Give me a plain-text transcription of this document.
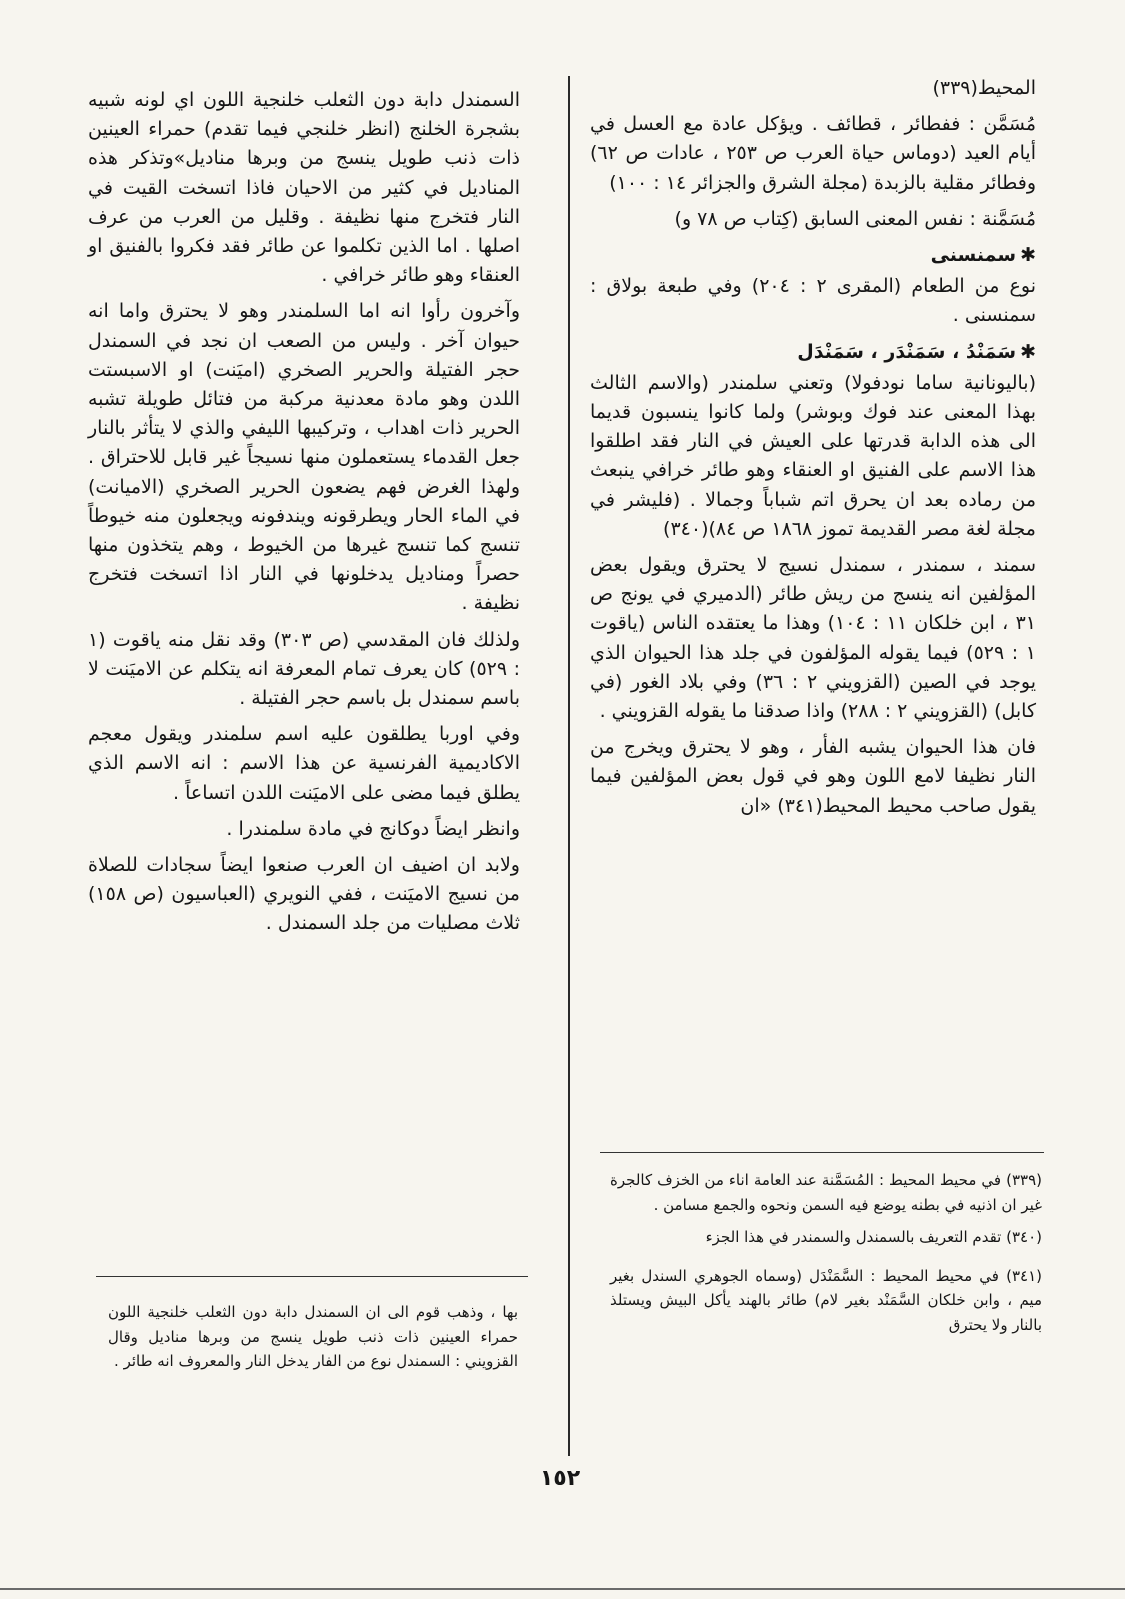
المحيط(٣٣٩)

مُسَمَّن : ففطائر ، قطائف . ويؤكل عادة مع العسل في أيام العيد (دوماس حياة العرب ص ٢٥٣ ، عادات ص ٦٢) وفطائر مقلية بالزبدة (مجلة الشرق والجزائر ١٤ : ١٠٠)

مُسَمَّنة : نفس المعنى السابق (كِتاب ص ٧٨ و)

✱سمنسنى

نوع من الطعام (المقرى ٢ : ٢٠٤) وفي طبعة بولاق : سمنسنى .

✱سَمَنْدُ ، سَمَنْدَر ، سَمَنْدَل

(باليونانية ساما نودفولا) وتعني سلمندر (والاسم الثالث بهذا المعنى عند فوك وبوشر) ولما كانوا ينسبون قديما الى هذه الدابة قدرتها على العيش في النار فقد اطلقوا هذا الاسم على الفنيق او العنقاء وهو طائر خرافي ينبعث من رماده بعد ان يحرق اتم شباباً وجمالا . (فليشر في مجلة لغة مصر القديمة تموز ١٨٦٨ ص ٨٤)(٣٤٠)

سمند ، سمندر ، سمندل نسيج لا يحترق ويقول بعض المؤلفين انه ينسج من ريش طائر (الدميري في يونج ص ٣١ ، ابن خلكان ١١ : ١٠٤) وهذا ما يعتقده الناس (ياقوت ١ : ٥٢٩) فيما يقوله المؤلفون في جلد هذا الحيوان الذي يوجد في الصين (القزويني ٢ : ٣٦) وفي بلاد الغور (في كابل) (القزويني ٢ : ٢٨٨) واذا صدقنا ما يقوله القزويني .

فان هذا الحيوان يشبه الفأر ، وهو لا يحترق ويخرج من النار نظيفا لامع اللون وهو في قول بعض المؤلفين فيما يقول صاحب محيط المحيط(٣٤١) «ان

السمندل دابة دون الثعلب خلنجية اللون اي لونه شبيه بشجرة الخلنج (انظر خلنجي فيما تقدم) حمراء العينين ذات ذنب طويل ينسج من وبرها مناديل»وتذكر هذه المناديل في كثير من الاحيان فاذا اتسخت القيت في النار فتخرج منها نظيفة . وقليل من العرب من عرف اصلها . اما الذين تكلموا عن طائر فقد فكروا بالفنيق او العنقاء وهو طائر خرافي .

وآخرون رأوا انه اما السلمندر وهو لا يحترق واما انه حيوان آخر . وليس من الصعب ان نجد في السمندل حجر الفتيلة والحرير الصخري (اميَنت) او الاسبستت اللدن وهو مادة معدنية مركبة من فتائل طويلة تشبه الحرير ذات اهداب ، وتركيبها الليفي والذي لا يتأثر بالنار جعل القدماء يستعملون منها نسيجاً غير قابل للاحتراق . ولهذا الغرض فهم يضعون الحرير الصخري (الاميانت) في الماء الحار ويطرقونه ويندفونه ويجعلون منه خيوطاً تنسج كما تنسج غيرها من الخيوط ، وهم يتخذون منها حصراً ومناديل يدخلونها في النار اذا اتسخت فتخرج نظيفة .

ولذلك فان المقدسي (ص ٣٠٣) وقد نقل منه ياقوت (١ : ٥٢٩) كان يعرف تمام المعرفة انه يتكلم عن الاميَنت لا باسم سمندل بل باسم حجر الفتيلة .

وفي اوربا يطلقون عليه اسم سلمندر ويقول معجم الاكاديمية الفرنسية عن هذا الاسم : انه الاسم الذي يطلق فيما مضى على الاميَنت اللدن اتساعاً .

وانظر ايضاً دوكانج في مادة سلمندرا .

ولابد ان اضيف ان العرب صنعوا ايضاً سجادات للصلاة من نسيج الاميَنت ، ففي النويري (العباسيون (ص ١٥٨) ثلاث مصليات من جلد السمندل .

(٣٣٩) في محيط المحيط : المُسَمَّنة عند العامة اناء من الخزف كالجرة غير ان اذنيه في بطنه يوضع فيه السمن ونحوه والجمع مسامن .

(٣٤٠) تقدم التعريف بالسمندل والسمندر في هذا الجزء

(٣٤١) في محيط المحيط : السَّمَنْدَل (وسماه الجوهري السندل بغير ميم ، وابن خلكان السَّمَنْد بغير لام) طائر بالهند يأكل البيش ويستلذ بالنار ولا يحترق

بها ، وذهب قوم الى ان السمندل دابة دون الثعلب خلنجية اللون حمراء العينين ذات ذنب طويل ينسج من وبرها مناديل وقال القزويني : السمندل نوع من الفار يدخل النار والمعروف انه طائر .
١٥٢
